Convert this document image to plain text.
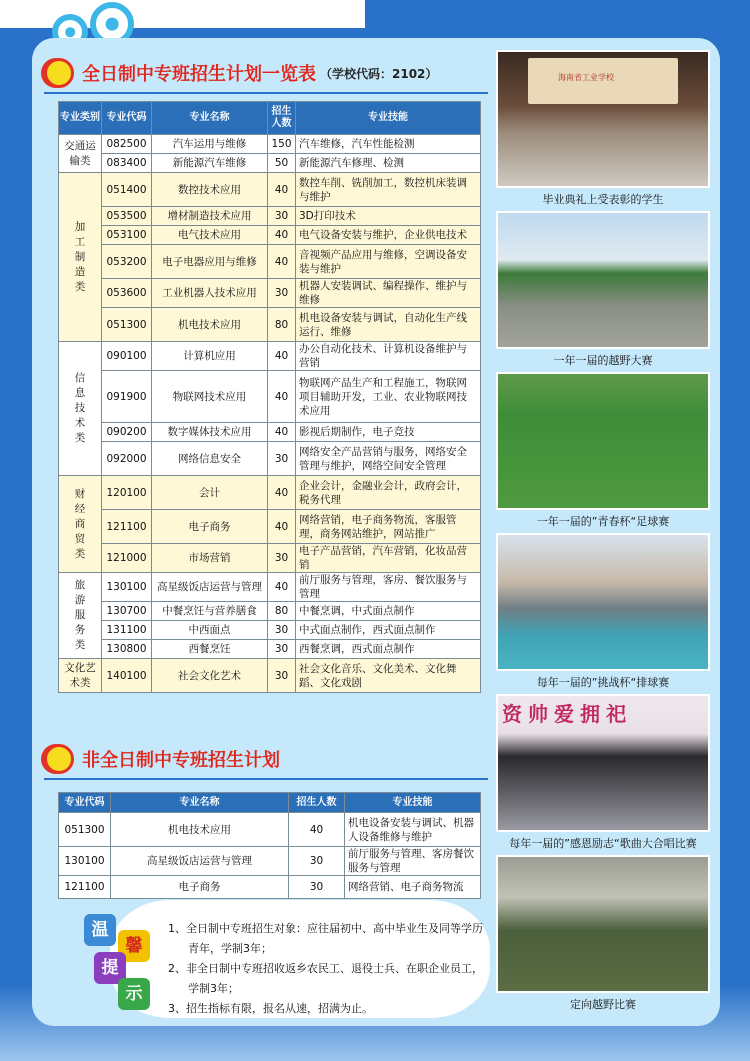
全日制中专班招生计划一览表 （学校代码：2102）
专业类别	专业代码	专业名称	招生人数	专业技能
交通运输类	082500	汽车运用与维修	150	汽车维修，汽车性能检测
	083400	新能源汽车维修	50	新能源汽车修理、检测
加工制造类	051400	数控技术应用	40	数控车削、铣削加工，数控机床装调与维护
	053500	增材制造技术应用	30	3D打印技术
	053100	电气技术应用	40	电气设备安装与维护，企业供电技术
	053200	电子电器应用与维修	40	音视频产品应用与维修，空调设备安装与维护
	053600	工业机器人技术应用	30	机器人安装调试、编程操作、维护与维修
	051300	机电技术应用	80	机电设备安装与调试，自动化生产线运行、维修
信息技术类	090100	计算机应用	40	办公自动化技术、计算机设备维护与营销
	091900	物联网技术应用	40	物联网产品生产和工程施工，物联网项目辅助开发，工业、农业物联网技术应用
	090200	数字媒体技术应用	40	影视后期制作，电子竞技
	092000	网络信息安全	30	网络安全产品营销与服务，网络安全管理与维护，网络空间安全管理
财经商贸类	120100	会计	40	企业会计，金融业会计，政府会计，税务代理
	121100	电子商务	40	网络营销，电子商务物流，客服管理，商务网站维护，网站推广
	121000	市场营销	30	电子产品营销，汽车营销，化妆品营销
旅游服务类	130100	高星级饭店运营与管理	40	前厅服务与管理，客房、餐饮服务与管理
	130700	中餐烹饪与营养膳食	80	中餐烹调，中式面点制作
	131100	中西面点	30	中式面点制作，西式面点制作
	130800	西餐烹饪	30	西餐烹调，西式面点制作
文化艺术类	140100	社会文化艺术	30	社会文化音乐、文化美术、文化舞蹈、文化戏剧
非全日制中专班招生计划
专业代码	专业名称	招生人数	专业技能
051300	机电技术应用	40	机电设备安装与调试、机器人设备维修与维护
130100	高星级饭店运营与管理	30	前厅服务与管理、客房餐饮服务与管理
121100	电子商务	30	网络营销、电子商务物流
温
馨
提
示

1、全日制中专班招生对象：应往届初中、高中毕业生及同等学历青年，学制3年；

2、非全日制中专班招收返乡农民工、退役士兵、在职企业员工，学制3年；

3、招生指标有限，报名从速，招满为止。

海南省工业学校
毕业典礼上受表彰的学生
一年一届的越野大赛
一年一届的”青春杯“足球赛
每年一届的”挑战杯“排球赛
资帅爱拥祀
每年一届的”感恩励志“歌曲大合唱比赛
定向越野比赛
